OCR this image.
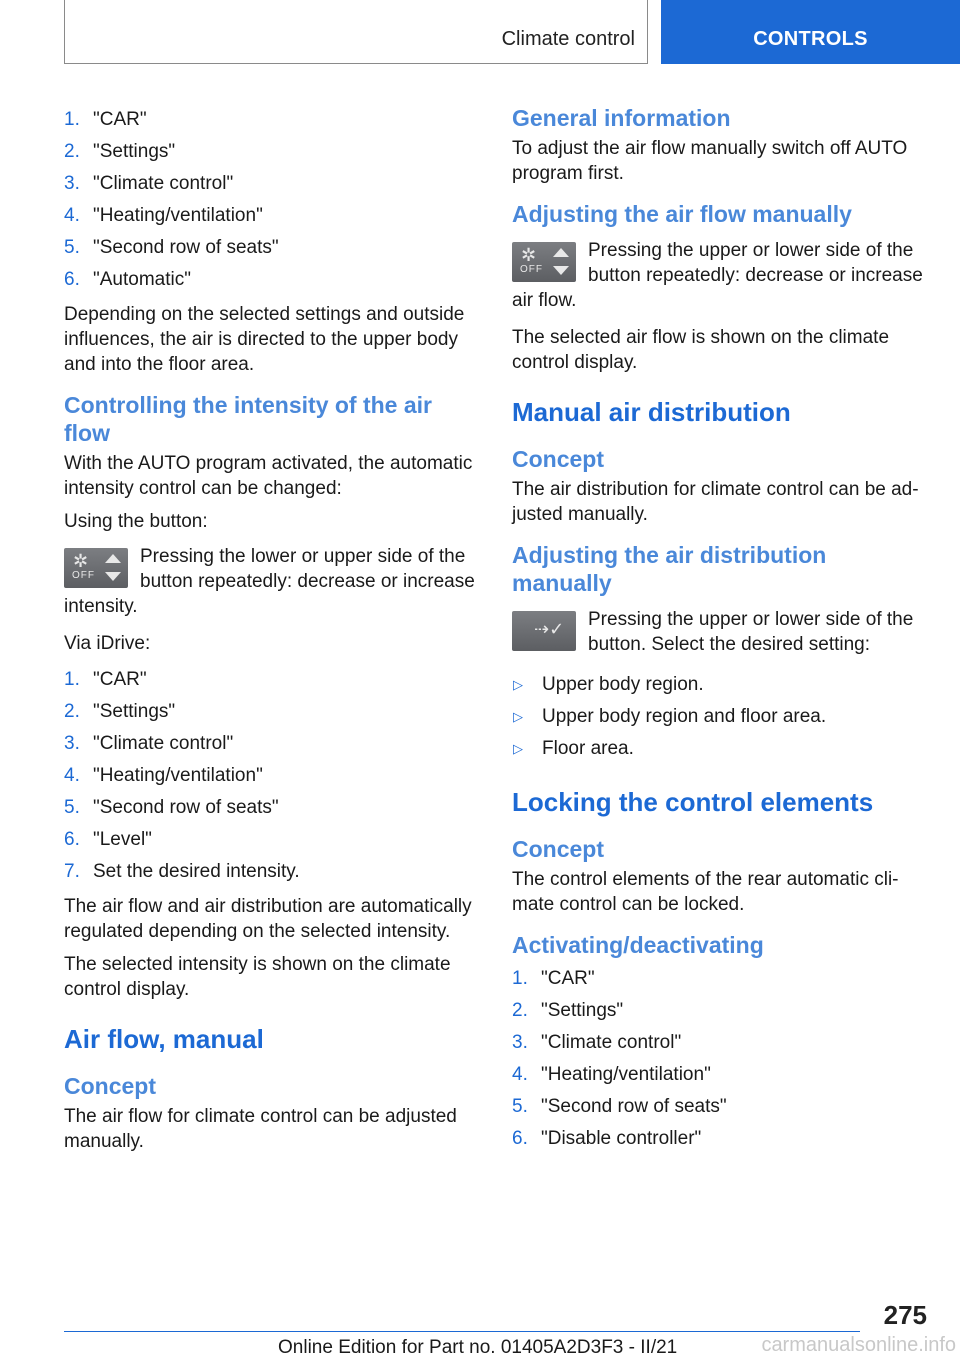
Climate control	CONTROLS
1. "CAR"
2. "Settings"
3. "Climate control"
4. "Heating/ventilation"
5. "Second row of seats"
6. "Automatic"

Depending on the selected settings and outside influences, the air is directed to the upper body and into the floor area.

Controlling the intensity of the air flow

With the AUTO program activated, the automatic intensity control can be changed:

Using the button:

✲
OFF
Pressing the lower or upper side of the button repeatedly: decrease or increase intensity.

Via iDrive:

1. "CAR"
2. "Settings"
3. "Climate control"
4. "Heating/ventilation"
5. "Second row of seats"
6. "Level"
7. Set the desired intensity.

The air flow and air distribution are automatically regulated depending on the selected intensity.

The selected intensity is shown on the climate control display.

Air flow, manual
Concept

The air flow for climate control can be adjusted manually.

General information

To adjust the air flow manually switch off AUTO program first.

Adjusting the air flow manually
✲
OFF
Pressing the upper or lower side of the button repeatedly: decrease or increase air flow.

The selected air flow is shown on the climate control display.

Manual air distribution
Concept

The air distribution for climate control can be ad‐ justed manually.

Adjusting the air distribution manually
⇢✓ Pressing the upper or lower side of the button. Select the desired setting:
▷	Upper body region.
▷	Upper body region and floor area.
▷	Floor area.
Locking the control elements
Concept

The control elements of the rear automatic cli‐ mate control can be locked.

Activating/deactivating
1. "CAR"
2. "Settings"
3. "Climate control"
4. "Heating/ventilation"
5. "Second row of seats"
6. "Disable controller"
275
Online Edition for Part no. 01405A2D3F3 - II/21	carmanualsonline.info
